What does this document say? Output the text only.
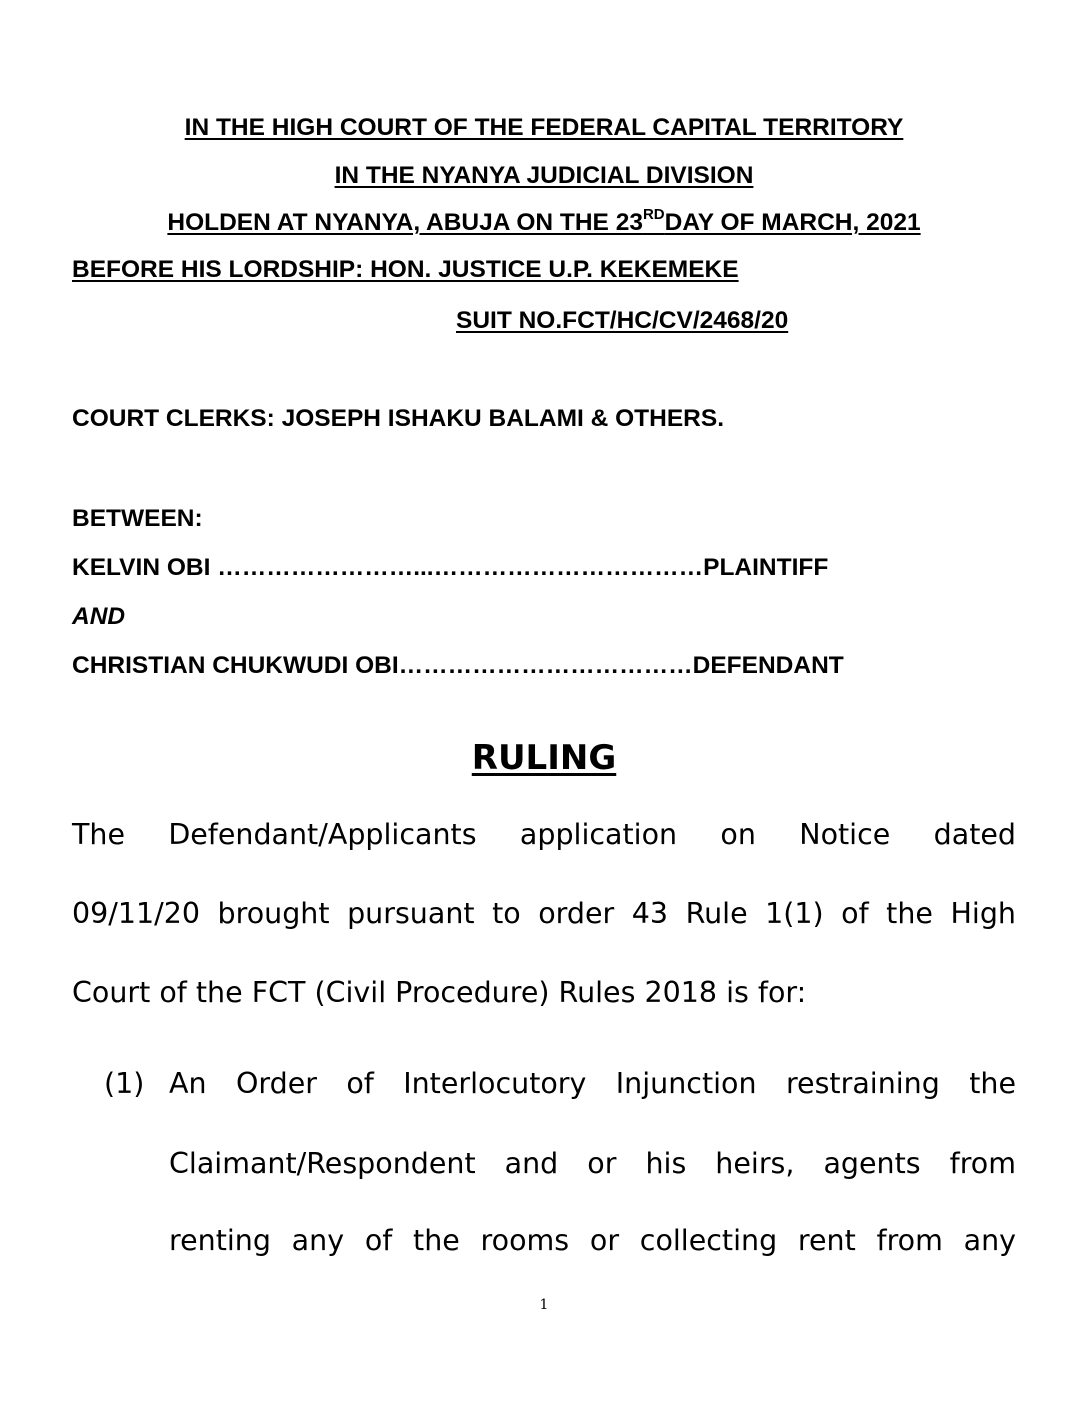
IN THE HIGH COURT OF THE FEDERAL CAPITAL TERRITORY
IN THE NYANYA JUDICIAL DIVISION
HOLDEN AT NYANYA, ABUJA ON THE 23RDDAY OF MARCH, 2021
BEFORE HIS LORDSHIP: HON. JUSTICE U.P. KEKEMEKE
SUIT NO.FCT/HC/CV/2468/20
COURT CLERKS: JOSEPH ISHAKU BALAMI & OTHERS.
BETWEEN:
KELVIN OBI ……………………...……………………………PLAINTIFF
AND
CHRISTIAN CHUKWUDI OBI………………………………DEFENDANT
RULING
The Defendant/Applicants application on Notice dated
09/11/20 brought pursuant to order 43 Rule 1(1) of the High
Court of the FCT (Civil Procedure) Rules 2018 is for:
(1) An Order of Interlocutory Injunction restraining the
Claimant/Respondent and or his heirs, agents from
renting any of the rooms or collecting rent from any
1
